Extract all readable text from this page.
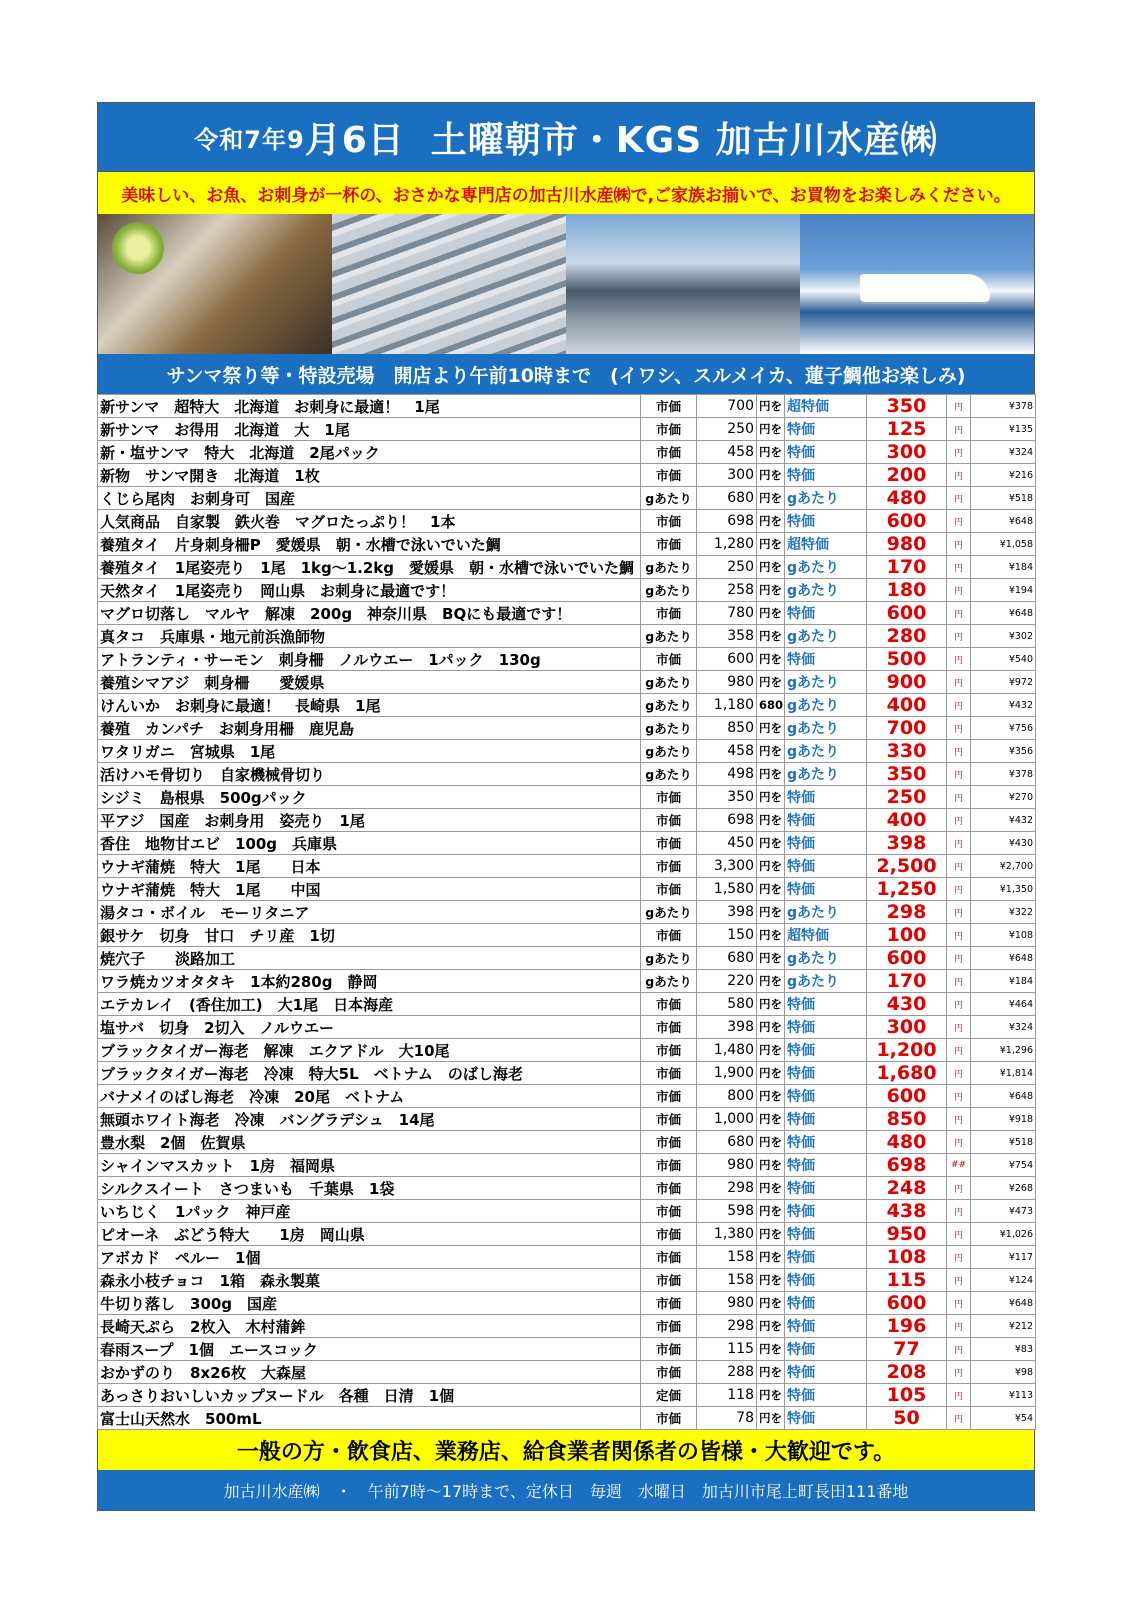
令和7年9 月6日 土曜朝市・KGS 加古川水産㈱
美味しい、お魚、お刺身が一杯の、おさかな専門店の加古川水産㈱で,ご家族お揃いで、お買物をお楽しみください。
サンマ祭り等・特設売場　開店より午前10時まで　(イワシ、スルメイカ、蓮子鯛他お楽しみ)
新サンマ　超特大　北海道　お刺身に最適！　1尾	市価	700	円を	超特価	350	円	¥378
新サンマ　お得用　北海道　大　1尾	市価	250	円を	特価	125	円	¥135
新・塩サンマ　特大　北海道　2尾パック	市価	458	円を	特価	300	円	¥324
新物　サンマ開き　北海道　1枚	市価	300	円を	特価	200	円	¥216
くじら尾肉　お刺身可　国産	gあたり	680	円を	gあたり	480	円	¥518
人気商品　自家製　鉄火巻　マグロたっぷり！　1本	市価	698	円を	特価	600	円	¥648
養殖タイ　片身刺身柵P　愛媛県　朝・水槽で泳いでいた鯛	市価	1,280	円を	超特価	980	円	¥1,058
養殖タイ　1尾姿売り　1尾　1kg～1.2kg　愛媛県　朝・水槽で泳いでいた鯛	gあたり	250	円を	gあたり	170	円	¥184
天然タイ　1尾姿売り　岡山県　お刺身に最適です！	gあたり	258	円を	gあたり	180	円	¥194
マグロ切落し　マルヤ　解凍　200g　神奈川県　BQにも最適です！	市価	780	円を	特価	600	円	¥648
真タコ　兵庫県・地元前浜漁師物	gあたり	358	円を	gあたり	280	円	¥302
アトランティ・サーモン　刺身柵　ノルウエー　1パック　130g	市価	600	円を	特価	500	円	¥540
養殖シマアジ　刺身柵　　愛媛県	gあたり	980	円を	gあたり	900	円	¥972
けんいか　お刺身に最適！　長崎県　1尾	gあたり	1,180	680	gあたり	400	円	¥432
養殖　カンパチ　お刺身用柵　鹿児島	gあたり	850	円を	gあたり	700	円	¥756
ワタリガニ　宮城県　1尾	gあたり	458	円を	gあたり	330	円	¥356
活けハモ骨切り　自家機械骨切り	gあたり	498	円を	gあたり	350	円	¥378
シジミ　島根県　500gパック	市価	350	円を	特価	250	円	¥270
平アジ　国産　お刺身用　姿売り　1尾	市価	698	円を	特価	400	円	¥432
香住　地物甘エビ　100g　兵庫県	市価	450	円を	特価	398	円	¥430
ウナギ蒲焼　特大　1尾　　日本	市価	3,300	円を	特価	2,500	円	¥2,700
ウナギ蒲焼　特大　1尾　　中国	市価	1,580	円を	特価	1,250	円	¥1,350
湯タコ・ボイル　モーリタニア	gあたり	398	円を	gあたり	298	円	¥322
銀サケ　切身　甘口　チリ産　1切	市価	150	円を	超特価	100	円	¥108
焼穴子　　淡路加工	gあたり	680	円を	gあたり	600	円	¥648
ワラ焼カツオタタキ　1本約280g　静岡	gあたり	220	円を	gあたり	170	円	¥184
エテカレイ　(香住加工)　大1尾　日本海産	市価	580	円を	特価	430	円	¥464
塩サバ　切身　2切入　ノルウエー	市価	398	円を	特価	300	円	¥324
ブラックタイガー海老　解凍　エクアドル　大10尾	市価	1,480	円を	特価	1,200	円	¥1,296
ブラックタイガー海老　冷凍　特大5L　ベトナム　のばし海老	市価	1,900	円を	特価	1,680	円	¥1,814
バナメイのばし海老　冷凍　20尾　ベトナム	市価	800	円を	特価	600	円	¥648
無頭ホワイト海老　冷凍　バングラデシュ　14尾	市価	1,000	円を	特価	850	円	¥918
豊水梨　2個　佐賀県	市価	680	円を	特価	480	円	¥518
シャインマスカット　1房　福岡県	市価	980	円を	特価	698	##	¥754
シルクスイート　さつまいも　千葉県　1袋	市価	298	円を	特価	248	円	¥268
いちじく　1パック　神戸産	市価	598	円を	特価	438	円	¥473
ピオーネ　ぶどう特大　　1房　岡山県	市価	1,380	円を	特価	950	円	¥1,026
アボカド　ペルー　1個	市価	158	円を	特価	108	円	¥117
森永小枝チョコ　1箱　森永製菓	市価	158	円を	特価	115	円	¥124
牛切り落し　300g　国産	市価	980	円を	特価	600	円	¥648
長崎天ぷら　2枚入　木村蒲鉾	市価	298	円を	特価	196	円	¥212
春雨スープ　1個　エースコック	市価	115	円を	特価	77	円	¥83
おかずのり　8x26枚　大森屋	市価	288	円を	特価	208	円	¥98
あっさりおいしいカップヌードル　各種　日清　1個	定価	118	円を	特価	105	円	¥113
富士山天然水　500mL	市価	78	円を	特価	50	円	¥54
一般の方・飲食店、業務店、給食業者関係者の皆様・大歓迎です。
加古川水産㈱　・　午前7時～17時まで、定休日　毎週　水曜日　加古川市尾上町長田111番地
